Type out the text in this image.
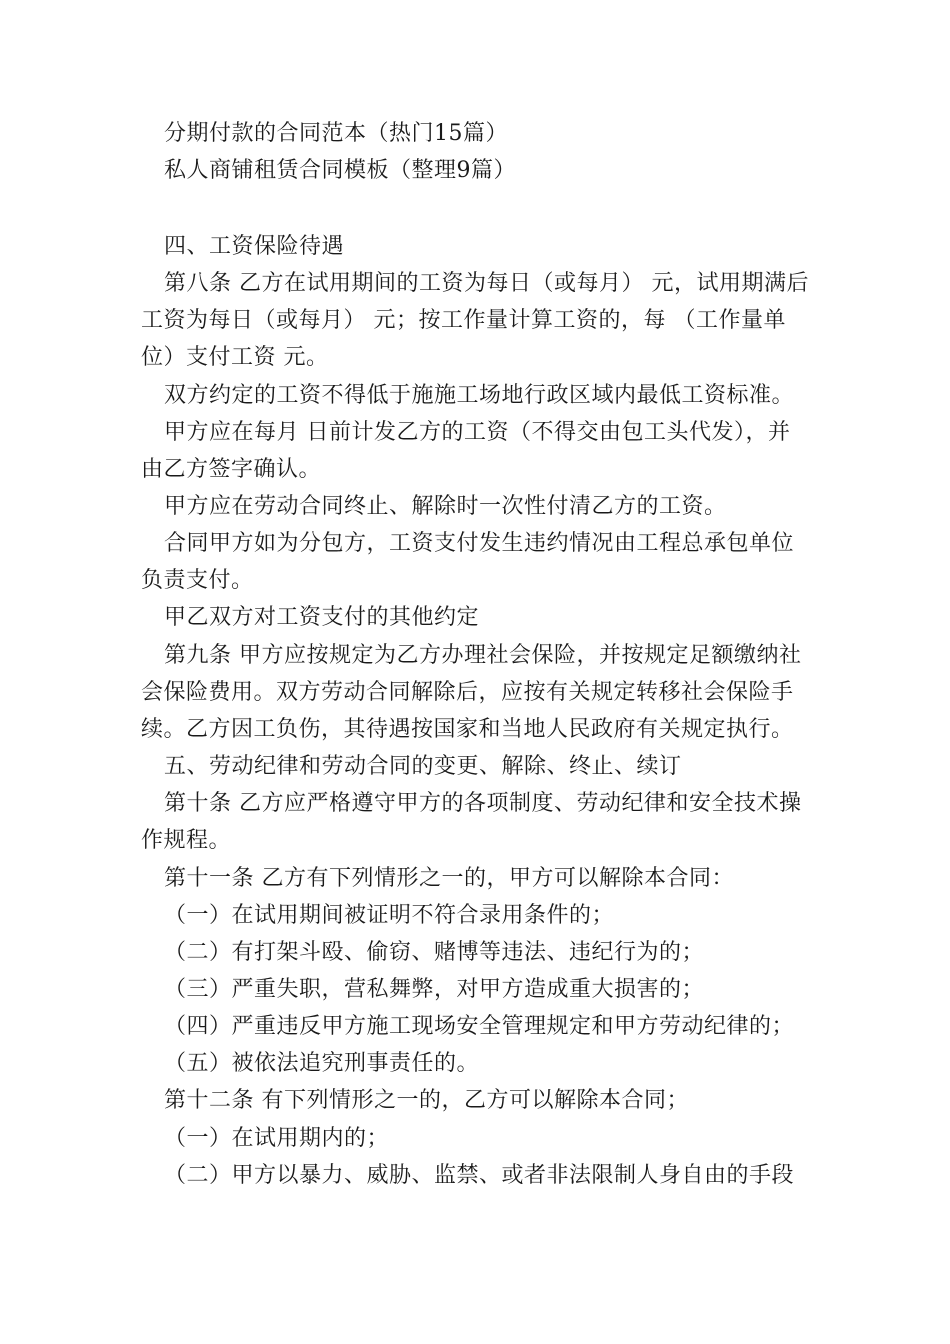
分期付款的合同范本（热门15篇）
私人商铺租赁合同模板（整理9篇）
四、工资保险待遇
第八条 乙方在试用期间的工资为每日（或每月） 元，试用期满后
工资为每日（或每月） 元；按工作量计算工资的，每 （工作量单
位）支付工资 元。
双方约定的工资不得低于施施工场地行政区域内最低工资标准。
甲方应在每月 日前计发乙方的工资（不得交由包工头代发），并
由乙方签字确认。
甲方应在劳动合同终止、解除时一次性付清乙方的工资。
合同甲方如为分包方，工资支付发生违约情况由工程总承包单位
负责支付。
甲乙双方对工资支付的其他约定
第九条 甲方应按规定为乙方办理社会保险，并按规定足额缴纳社
会保险费用。双方劳动合同解除后，应按有关规定转移社会保险手
续。乙方因工负伤，其待遇按国家和当地人民政府有关规定执行。
五、劳动纪律和劳动合同的变更、解除、终止、续订
第十条 乙方应严格遵守甲方的各项制度、劳动纪律和安全技术操
作规程。
第十一条 乙方有下列情形之一的，甲方可以解除本合同：
（一）在试用期间被证明不符合录用条件的；
（二）有打架斗殴、偷窃、赌博等违法、违纪行为的；
（三）严重失职，营私舞弊，对甲方造成重大损害的；
（四）严重违反甲方施工现场安全管理规定和甲方劳动纪律的；
（五）被依法追究刑事责任的。
第十二条 有下列情形之一的，乙方可以解除本合同；
（一）在试用期内的；
（二）甲方以暴力、威胁、监禁、或者非法限制人身自由的手段
